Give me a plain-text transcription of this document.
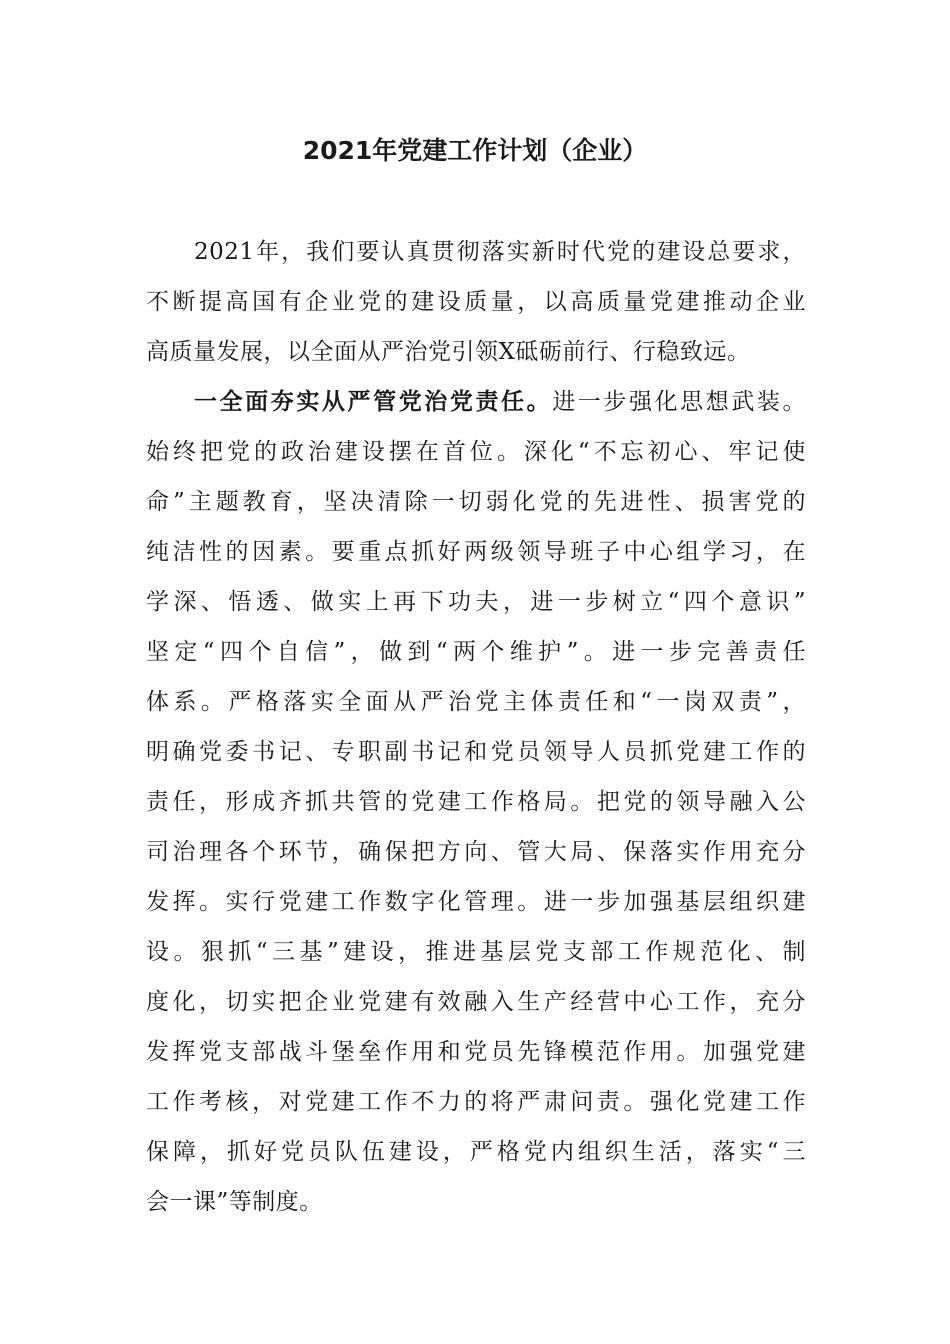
2021年党建工作计划（企业）
2021年，我们要认真贯彻落实新时代党的建设总要求，
不断提高国有企业党的建设质量，以高质量党建推动企业
高质量发展，以全面从严治党引领X砥砺前行、行稳致远。
一全面夯实从严管党治党责任。进一步强化思想武装。
始终把党的政治建设摆在首位。深化“不忘初心、牢记使
命”主题教育，坚决清除一切弱化党的先进性、损害党的
纯洁性的因素。要重点抓好两级领导班子中心组学习，在
学深、悟透、做实上再下功夫，进一步树立“四个意识”
坚定“四个自信”，做到“两个维护”。进一步完善责任
体系。严格落实全面从严治党主体责任和“一岗双责”，
明确党委书记、专职副书记和党员领导人员抓党建工作的
责任，形成齐抓共管的党建工作格局。把党的领导融入公
司治理各个环节，确保把方向、管大局、保落实作用充分
发挥。实行党建工作数字化管理。进一步加强基层组织建
设。狠抓“三基”建设，推进基层党支部工作规范化、制
度化，切实把企业党建有效融入生产经营中心工作，充分
发挥党支部战斗堡垒作用和党员先锋模范作用。加强党建
工作考核，对党建工作不力的将严肃问责。强化党建工作
保障，抓好党员队伍建设，严格党内组织生活，落实“三
会一课”等制度。
